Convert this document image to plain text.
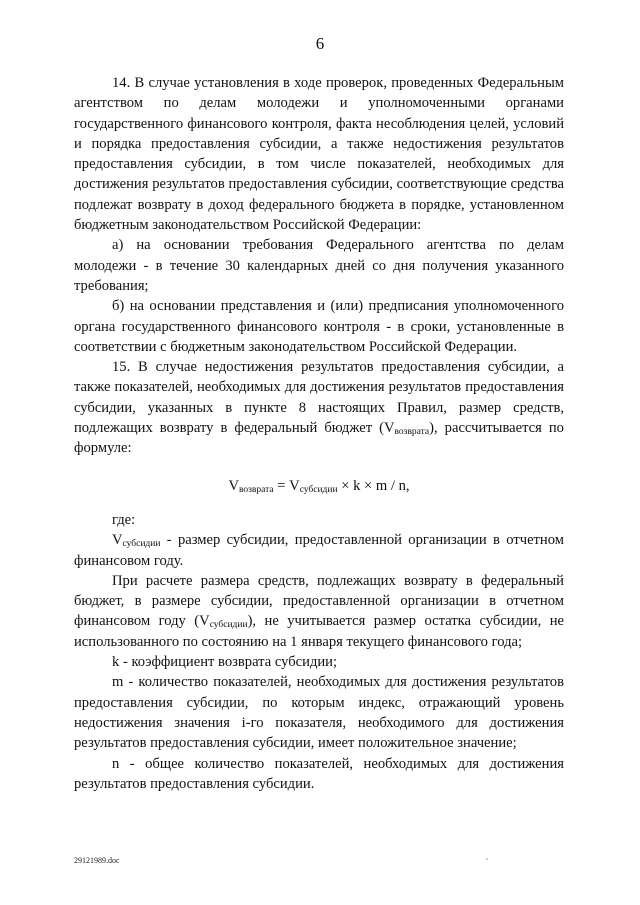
6

14. В случае установления в ходе проверок, проведенных Федеральным агентством по делам молодежи и уполномоченными органами государственного финансового контроля, факта несоблюдения целей, условий и порядка предоставления субсидии, а также недостижения результатов предоставления субсидии, в том числе показателей, необходимых для достижения результатов предоставления субсидии, соответствующие средства подлежат возврату в доход федерального бюджета в порядке, установленном бюджетным законодательством Российской Федерации:

а) на основании требования Федерального агентства по делам молодежи - в течение 30 календарных дней со дня получения указанного требования;

б) на основании представления и (или) предписания уполномоченного органа государственного финансового контроля - в сроки, установленные в соответствии с бюджетным законодательством Российской Федерации.

15. В случае недостижения результатов предоставления субсидии, а также показателей, необходимых для достижения результатов предоставления субсидии, указанных в пункте 8 настоящих Правил, размер средств, подлежащих возврату в федеральный бюджет $(V_{возврата})$, рассчитывается по формуле:

$V_{возврата} = V_{субсидии} \times k \times m / n$,

где:

$V_{субсидии}$ - размер субсидии, предоставленной организации в отчетном финансовом году.

При расчете размера средств, подлежащих возврату в федеральный бюджет, в размере субсидии, предоставленной организации в отчетном финансовом году $(V_{субсидии})$, не учитывается размер остатка субсидии, не использованного по состоянию на 1 января текущего финансового года;

k - коэффициент возврата субсидии;

m - количество показателей, необходимых для достижения результатов предоставления субсидии, по которым индекс, отражающий уровень недостижения значения i-го показателя, необходимого для достижения результатов предоставления субсидии, имеет положительное значение;

n - общее количество показателей, необходимых для достижения результатов предоставления субсидии.

29121989.doc
